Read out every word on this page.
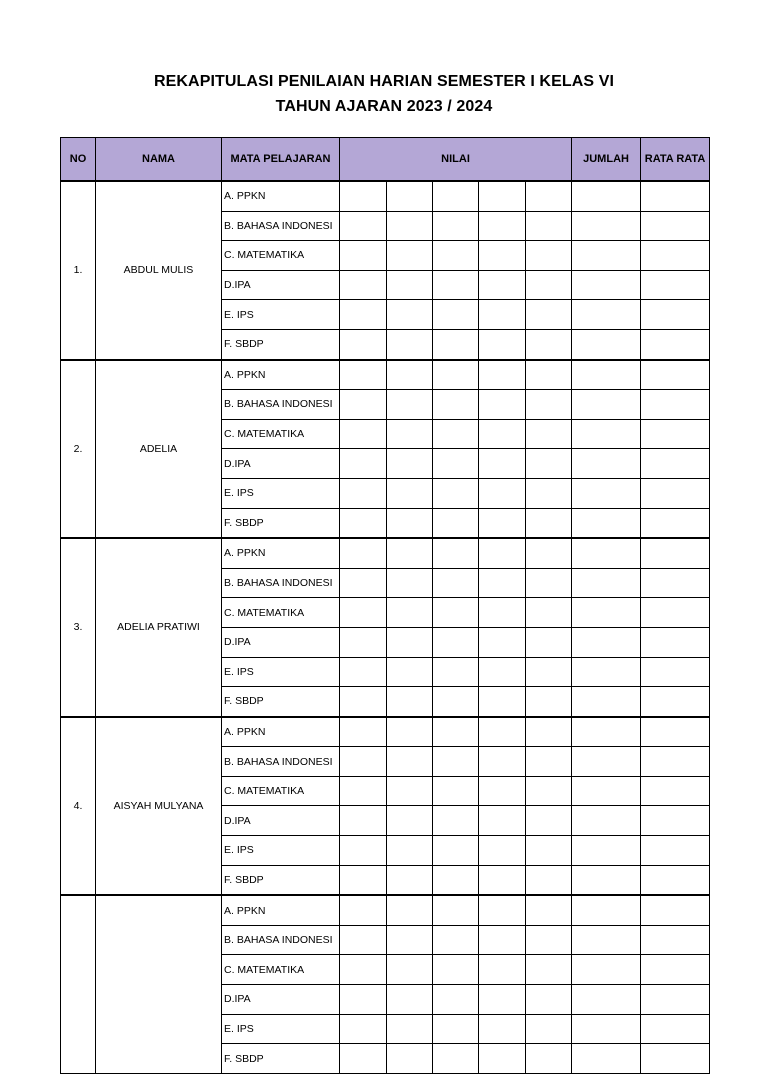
REKAPITULASI PENILAIAN HARIAN SEMESTER I KELAS VI
TAHUN AJARAN 2023 / 2024
NO	NAMA	MATA PELAJARAN	NILAI					JUMLAH	RATA RATA
1.	ABDUL MULIS	A. PPKN							
		B. BAHASA INDONESI							
		C. MATEMATIKA							
		D.IPA							
		E. IPS							
		F. SBDP							
2.	ADELIA	A. PPKN							
		B. BAHASA INDONESI							
		C. MATEMATIKA							
		D.IPA							
		E. IPS							
		F. SBDP							
3.	ADELIA PRATIWI	A. PPKN							
		B. BAHASA INDONESI							
		C. MATEMATIKA							
		D.IPA							
		E. IPS							
		F. SBDP							
4.	AISYAH MULYANA	A. PPKN							
		B. BAHASA INDONESI							
		C. MATEMATIKA							
		D.IPA							
		E. IPS							
		F. SBDP							
		A. PPKN							
		B. BAHASA INDONESI							
		C. MATEMATIKA							
		D.IPA							
		E. IPS							
		F. SBDP							
